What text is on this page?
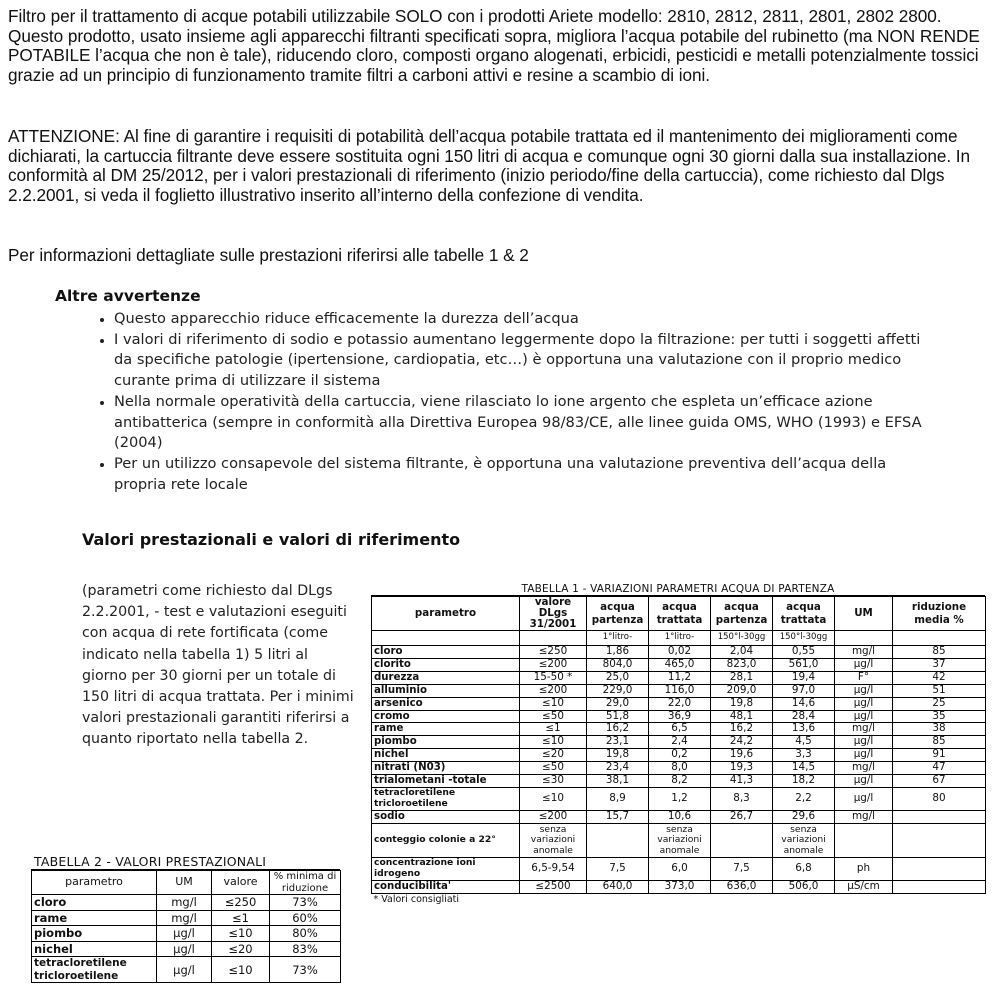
Filtro per il trattamento di acque potabili utilizzabile SOLO con i prodotti Ariete modello: 2810, 2812, 2811, 2801, 2802 2800. Questo prodotto, usato insieme agli apparecchi filtranti specificati sopra, migliora l’acqua potabile del rubinetto (ma NON RENDE POTABILE l’acqua che non è tale), riducendo cloro, composti organo alogenati, erbicidi, pesticidi e metalli potenzialmente tossici grazie ad un principio di funzionamento tramite filtri a carboni attivi e resine a scambio di ioni.

ATTENZIONE: Al fine di garantire i requisiti di potabilità dell’acqua potabile trattata ed il mantenimento dei miglioramenti come dichiarati, la cartuccia filtrante deve essere sostituita ogni 150 litri di acqua e comunque ogni 30 giorni dalla sua installazione. In conformità al DM 25/2012, per i valori prestazionali di riferimento (inizio periodo/fine della cartuccia), come richiesto dal Dlgs 2.2.2001, si veda il foglietto illustrativo inserito all’interno della confezione di vendita.

Per informazioni dettagliate sulle prestazioni riferirsi alle tabelle 1 & 2

Altre avvertenze
• Questo apparecchio riduce efficacemente la durezza dell’acqua
• I valori di riferimento di sodio e potassio aumentano leggermente dopo la filtrazione: per tutti i soggetti affetti da specifiche patologie (ipertensione, cardiopatia, etc…) è opportuna una valutazione con il proprio medico curante prima di utilizzare il sistema
• Nella normale operatività della cartuccia, viene rilasciato lo ione argento che espleta un’efficace azione antibatterica (sempre in conformità alla Direttiva Europea 98/83/CE, alle linee guida OMS, WHO (1993) e EFSA (2004)
• Per un utilizzo consapevole del sistema filtrante, è opportuna una valutazione preventiva dell’acqua della propria rete locale
Valori prestazionali e valori di riferimento

(parametri come richiesto dal DLgs 2.2.2001, - test e valutazioni eseguiti con acqua di rete fortificata (come indicato nella tabella 1) 5 litri al giorno per 30 giorni per un totale di 150 litri di acqua trattata. Per i minimi valori prestazionali garantiti riferirsi a quanto riportato nella tabella 2.

TABELLA 1 - VARIAZIONI PARAMETRI ACQUA DI PARTENZA
parametro	valore DLgs 31/2001	acqua partenza	acqua trattata	acqua partenza	acqua trattata	UM	riduzione media %
		1°litro-	1°litro-	150°l-30gg	150°l-30gg		
cloro	≤250	1,86	0,02	2,04	0,55	mg/l	85
clorito	≤200	804,0	465,0	823,0	561,0	µg/l	37
durezza	15-50 *	25,0	11,2	28,1	19,4	F°	42
alluminio	≤200	229,0	116,0	209,0	97,0	µg/l	51
arsenico	≤10	29,0	22,0	19,8	14,6	µg/l	25
cromo	≤50	51,8	36,9	48,1	28,4	µg/l	35
rame	≤1	16,2	6,5	16,2	13,6	mg/l	38
piombo	≤10	23,1	2,4	24,2	4,5	µg/l	85
nichel	≤20	19,8	0,2	19,6	3,3	µg/l	91
nitrati (N03)	≤50	23,4	8,0	19,3	14,5	mg/l	47
trialometani -totale	≤30	38,1	8,2	41,3	18,2	µg/l	67
tetracloretilene tricloroetilene	≤10	8,9	1,2	8,3	2,2	µg/l	80
sodio	≤200	15,7	10,6	26,7	29,6	mg/l	
conteggio colonie a 22°	senza variazioni anomale		senza variazioni anomale		senza variazioni anomale		
concentrazione ioni idrogeno	6,5-9,54	7,5	6,0	7,5	6,8	ph	
conducibilita'	≤2500	640,0	373,0	636,0	506,0	µS/cm	
* Valori consigliati							
TABELLA 2 - VALORI PRESTAZIONALI
parametro	UM	valore	% minima di riduzione
cloro	mg/l	≤250	73%
rame	mg/l	≤1	60%
piombo	µg/l	≤10	80%
nichel	µg/l	≤20	83%
tetracloretilene tricloroetilene	µg/l	≤10	73%
